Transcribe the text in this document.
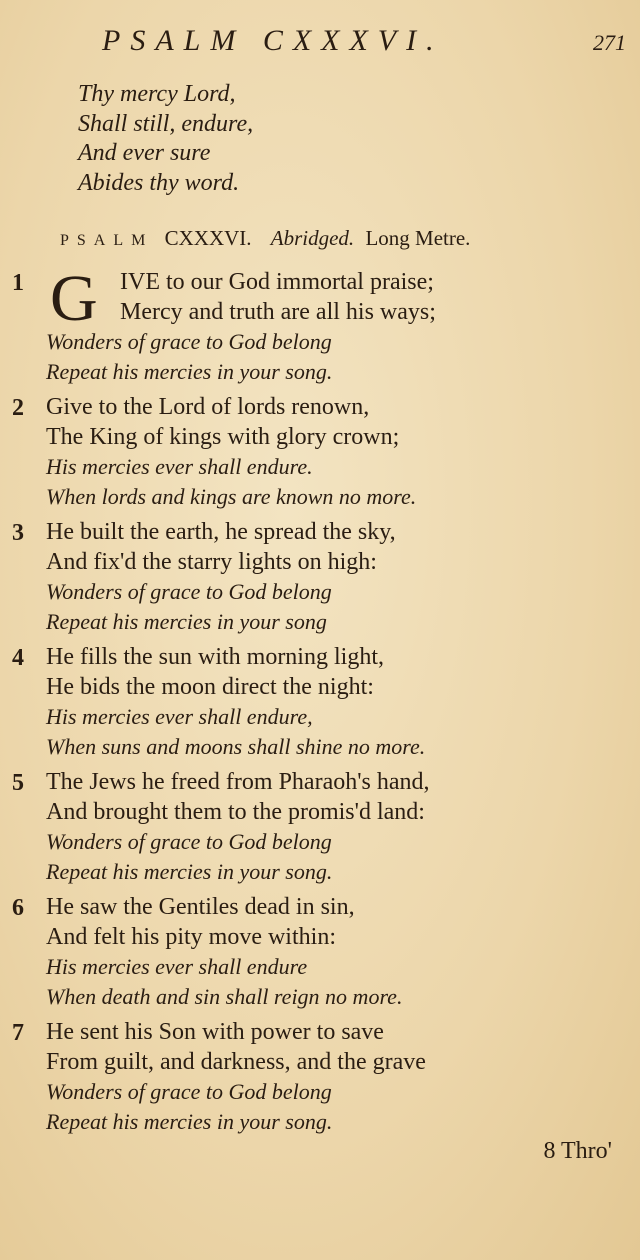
PSALM CXXXVI.	271
Thy mercy Lord,
Shall still, endure,
And ever sure
Abides thy word.
PSALM CXXXVI. Abridged. Long Metre.
1 G IVE to our God immortal praise;
Mercy and truth are all his ways;
Wonders of grace to God belong
Repeat his mercies in your song.
2 Give to the Lord of lords renown,
The King of kings with glory crown;
His mercies ever shall endure.
When lords and kings are known no more.
3 He built the earth, he spread the sky,
And fix'd the starry lights on high:
Wonders of grace to God belong
Repeat his mercies in your song
4 He fills the sun with morning light,
He bids the moon direct the night:
His mercies ever shall endure,
When suns and moons shall shine no more.
5 The Jews he freed from Pharaoh's hand,
And brought them to the promis'd land:
Wonders of grace to God belong
Repeat his mercies in your song.
6 He saw the Gentiles dead in sin,
And felt his pity move within:
His mercies ever shall endure
When death and sin shall reign no more.
7 He sent his Son with power to save
From guilt, and darkness, and the grave
Wonders of grace to God belong
Repeat his mercies in your song.
8 Thro'
